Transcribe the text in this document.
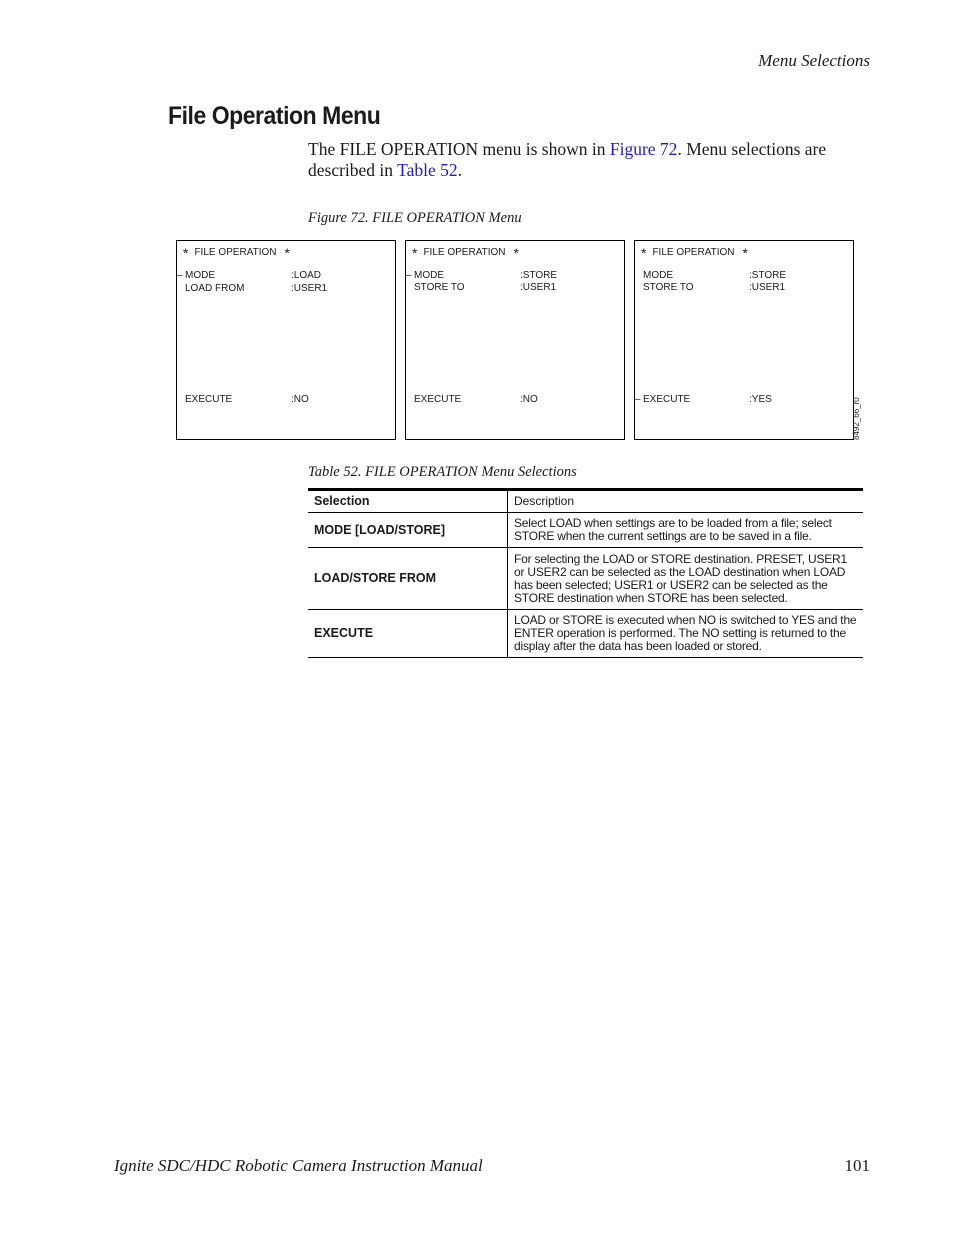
Menu Selections
File Operation Menu

The FILE OPERATION menu is shown in Figure 72. Menu selections are described in Table 52.

Figure 72. FILE OPERATION Menu
* FILE OPERATION *
– MODE	:LOAD
LOAD FROM	:USER1
EXECUTE	:NO
* FILE OPERATION *
– MODE	:STORE
STORE TO	:USER1
EXECUTE	:NO
* FILE OPERATION *
MODE	:STORE
STORE TO	:USER1
– EXECUTE	:YES	8492_66_r0
Table 52. FILE OPERATION Menu Selections
Selection	Description
MODE [LOAD/STORE]	Select LOAD when settings are to be loaded from a file; select STORE when the current settings are to be saved in a file.
LOAD/STORE FROM	For selecting the LOAD or STORE destination. PRESET, USER1 or USER2 can be selected as the LOAD destination when LOAD has been selected; USER1 or USER2 can be selected as the STORE destination when STORE has been selected.
EXECUTE	LOAD or STORE is executed when NO is switched to YES and the ENTER operation is performed. The NO setting is returned to the display after the data has been loaded or stored.
Ignite SDC/HDC Robotic Camera Instruction Manual	101
